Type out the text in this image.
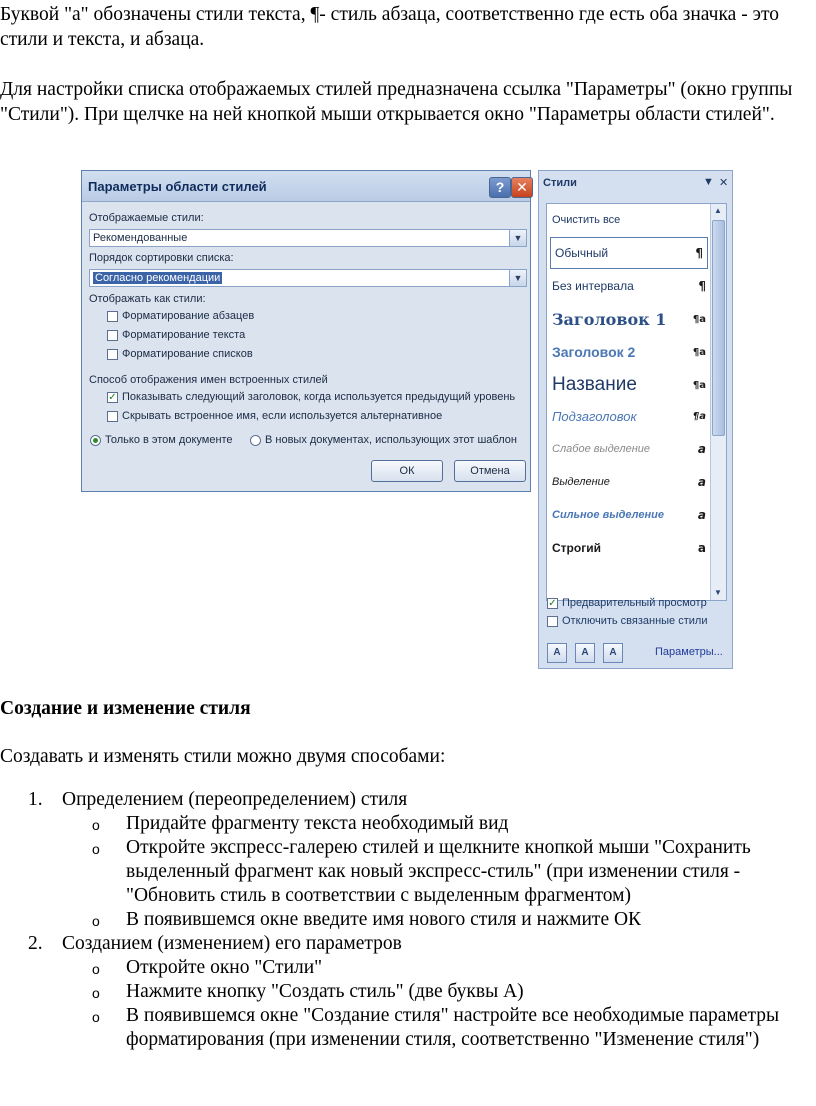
Буквой "a" обозначены стили текста, ¶- стиль абзаца, соответственно где есть оба значка - это стили и текста, и абзаца.
Для настройки списка отображаемых стилей предназначена ссылка "Параметры" (окно группы "Стили"). При щелчке на ней кнопкой мыши открывается окно "Параметры области стилей".
Параметры области стилей	? ✕
Отображаемые стили:
Рекомендованные	▼
Порядок сортировки списка:
Согласно рекомендации	▼
Отображать как стили:
Форматирование абзацев
Форматирование текста
Форматирование списков
Способ отображения имен встроенных стилей
✓ Показывать следующий заголовок, когда используется предыдущий уровень
Скрывать встроенное имя, если используется альтернативное
Только в этом документе	В новых документах, использующих этот шаблон
ОК	Отмена
Стили	▼ ✕
Очистить все
Обычный	¶
Без интервала	¶
Заголовок 1	¶a
Заголовок 2	¶a
Название	¶a
Подзаголовок	¶a
Слабое выделение	a
Выделение	a
Сильное выделение	a
Строгий	a
▲
▼
✓ Предварительный просмотр
Отключить связанные стили
A	A	A	Параметры...
Создание и изменение стиля
Создавать и изменять стили можно двумя способами:
1. Определением (переопределением) стиля
o Придайте фрагменту текста необходимый вид
o Откройте экспресс-галерею стилей и щелкните кнопкой мыши "Сохранить выделенный фрагмент как новый экспресс-стиль" (при изменении стиля - "Обновить стиль в соответствии с выделенным фрагментом)
o В появившемся окне введите имя нового стиля и нажмите ОК
2. Созданием (изменением) его параметров
o Откройте окно "Стили"
o Нажмите кнопку "Создать стиль" (две буквы А)
o В появившемся окне "Создание стиля" настройте все необходимые параметры форматирования (при изменении стиля, соответственно "Изменение стиля")
